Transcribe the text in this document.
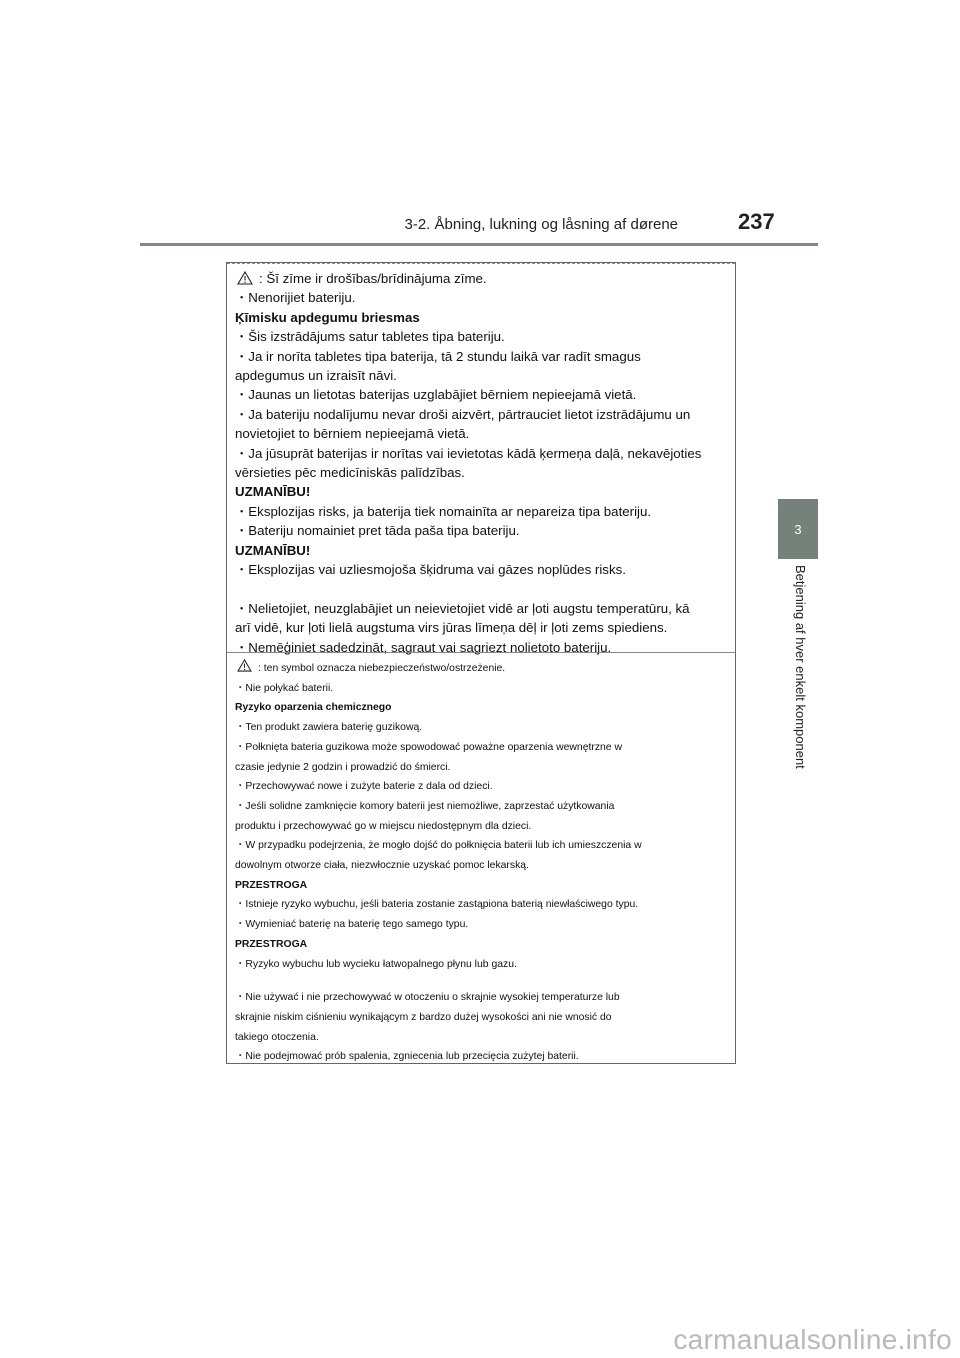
3-2. Åbning, lukning og låsning af dørene	237
3
Betjening af hver enkelt komponent

: Šī zīme ir drošības/brīdinājuma zīme.

・Nenorijiet bateriju.

Ķīmisku apdegumu briesmas

・Šis izstrādājums satur tabletes tipa bateriju.

・Ja ir norīta tabletes tipa baterija, tā 2 stundu laikā var radīt smagus

apdegumus un izraisīt nāvi.

・Jaunas un lietotas baterijas uzglabājiet bērniem nepieejamā vietā.

・Ja bateriju nodalījumu nevar droši aizvērt, pārtrauciet lietot izstrādājumu un

novietojiet to bērniem nepieejamā vietā.

・Ja jūsuprāt baterijas ir norītas vai ievietotas kādā ķermeņa daļā, nekavējoties

vērsieties pēc medicīniskās palīdzības.

UZMANĪBU!

・Eksplozijas risks, ja baterija tiek nomainīta ar nepareiza tipa bateriju.

・Bateriju nomainiet pret tāda paša tipa bateriju.

UZMANĪBU!

・Eksplozijas vai uzliesmojoša šķidruma vai gāzes noplūdes risks.

・Nelietojiet, neuzglabājiet un neievietojiet vidē ar ļoti augstu temperatūru, kā

arī vidē, kur ļoti lielā augstuma virs jūras līmeņa dēļ ir ļoti zems spiediens.

・Nemēģiniet sadedzināt, sagraut vai sagriezt nolietoto bateriju.

: ten symbol oznacza niebezpieczeństwo/ostrzeżenie.

・Nie połykać baterii.

Ryzyko oparzenia chemicznego

・Ten produkt zawiera baterię guzikową.

・Połknięta bateria guzikowa może spowodować poważne oparzenia wewnętrzne w

czasie jedynie 2 godzin i prowadzić do śmierci.

・Przechowywać nowe i zużyte baterie z dala od dzieci.

・Jeśli solidne zamknięcie komory baterii jest niemożliwe, zaprzestać użytkowania

produktu i przechowywać go w miejscu niedostępnym dla dzieci.

・W przypadku podejrzenia, że mogło dojść do połknięcia baterii lub ich umieszczenia w

dowolnym otworze ciała, niezwłocznie uzyskać pomoc lekarską.

PRZESTROGA

・Istnieje ryzyko wybuchu, jeśli bateria zostanie zastąpiona baterią niewłaściwego typu.

・Wymieniać baterię na baterię tego samego typu.

PRZESTROGA

・Ryzyko wybuchu lub wycieku łatwopalnego płynu lub gazu.

・Nie używać i nie przechowywać w otoczeniu o skrajnie wysokiej temperaturze lub

skrajnie niskim ciśnieniu wynikającym z bardzo dużej wysokości ani nie wnosić do

takiego otoczenia.

・Nie podejmować prób spalenia, zgniecenia lub przecięcia zużytej baterii.

carmanualsonline.info
